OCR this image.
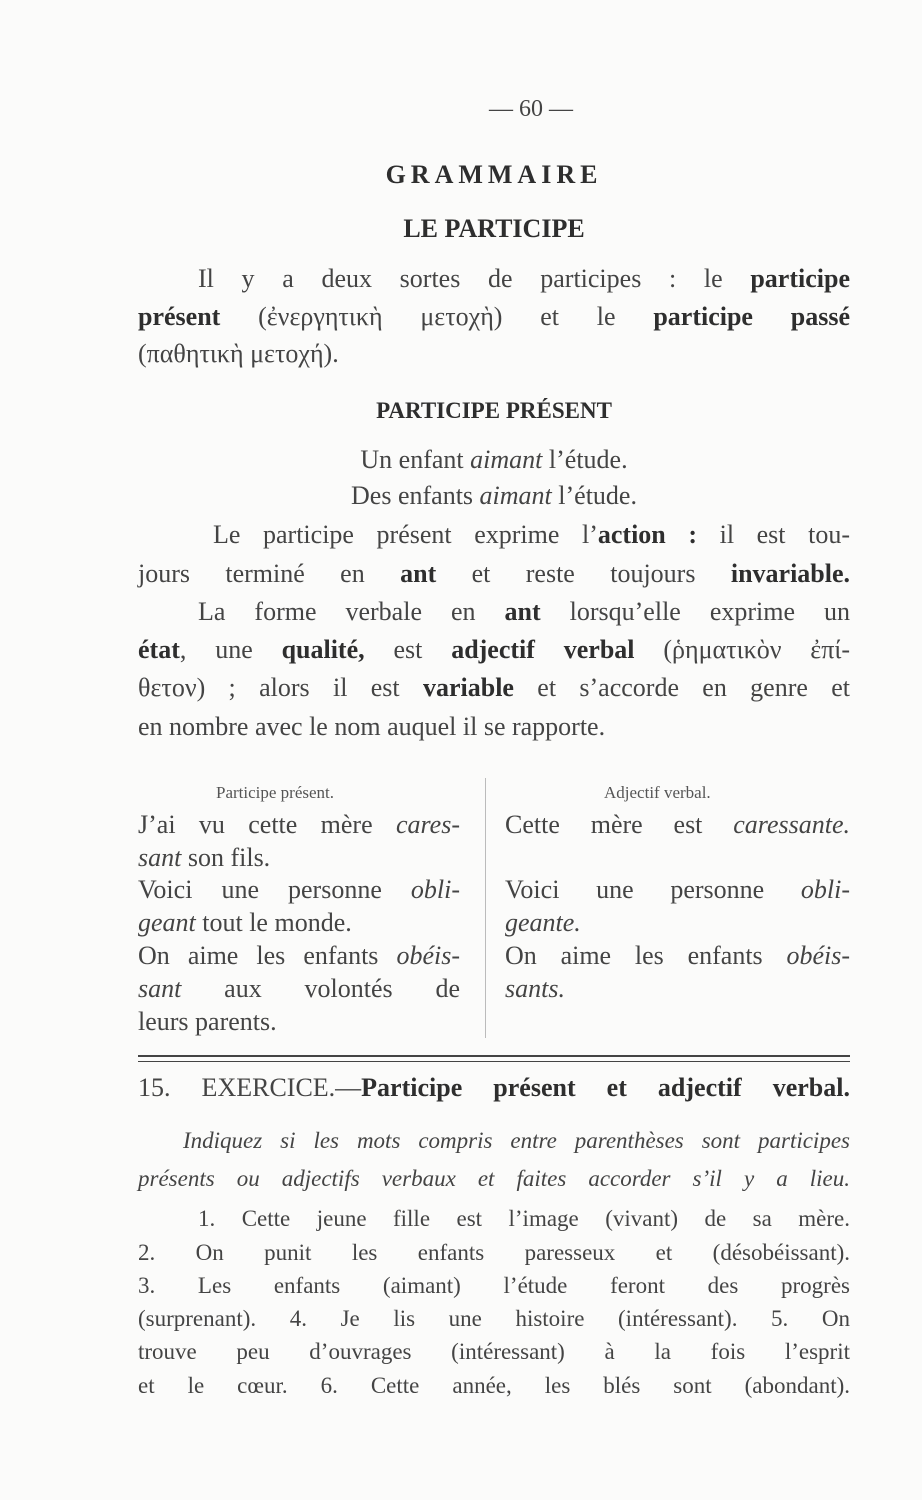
— 60 —
GRAMMAIRE
LE PARTICIPE
PARTICIPE PRÉSENT
Participe présent.	Adjectif verbal.
Il y a deux sortes de participes : le participe
présent (ἐνεργητικὴ μετοχὴ) et le participe passé
(παθητικὴ μετοχή).
Un enfant aimant l’étude.
Des enfants aimant l’étude.
Le participe présent exprime l’action : il est tou-
jours terminé en ant et reste toujours invariable.
La forme verbale en ant lorsqu’elle exprime un
état, une qualité, est adjectif verbal (ῥηματικὸν ἐπί-
θετον) ; alors il est variable et s’accorde en genre et
en nombre avec le nom auquel il se rapporte.
J’ai vu cette mère cares-
sant son fils.
Voici une personne obli-
geant tout le monde.
On aime les enfants obéis-
sant aux volontés de
leurs parents.
Cette mère est caressante.
Voici une personne obli-
geante.
On aime les enfants obéis-
sants.
Indiquez si les mots compris entre parenthèses sont participes
présents ou adjectifs verbaux et faites accorder s’il y a lieu.
1. Cette jeune fille est l’image (vivant) de sa mère.
2. On punit les enfants paresseux et (désobéissant).
3. Les enfants (aimant) l’étude feront des progrès
(surprenant). 4. Je lis une histoire (intéressant). 5. On
trouve peu d’ouvrages (intéressant) à la fois l’esprit
et le cœur. 6. Cette année, les blés sont (abondant).
15. EXERCICE.—Participe présent et adjectif verbal.
